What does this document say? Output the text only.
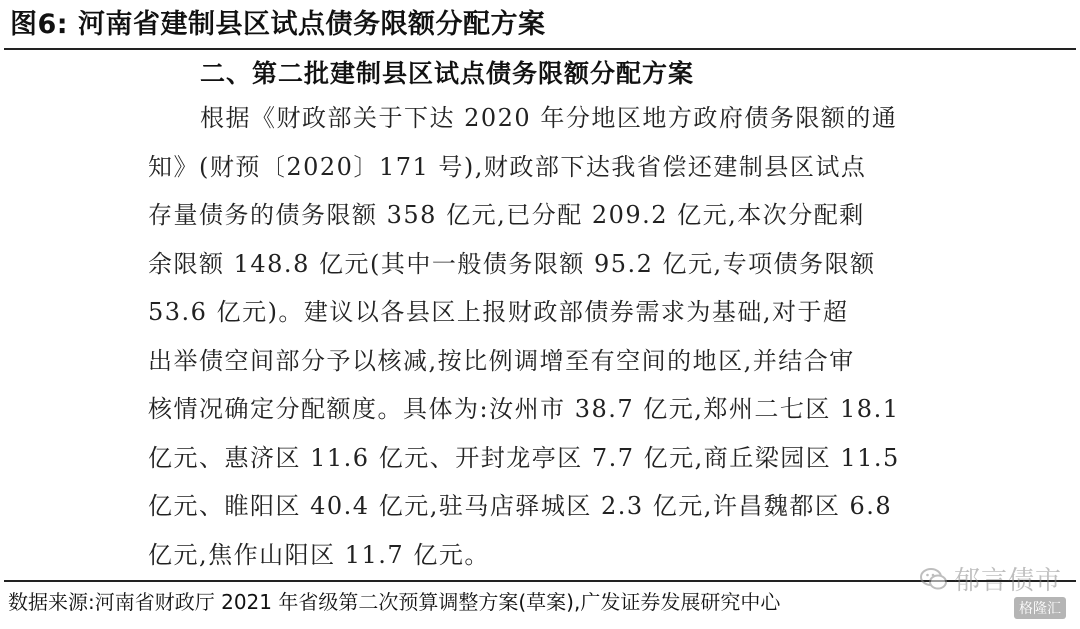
图6: 河南省建制县区试点债务限额分配方案
二、第二批建制县区试点债务限额分配方案
根据《财政部关于下达 2020 年分地区地方政府债务限额的通
知》(财预〔2020〕171 号),财政部下达我省偿还建制县区试点
存量债务的债务限额 358 亿元,已分配 209.2 亿元,本次分配剩
余限额 148.8 亿元(其中一般债务限额 95.2 亿元,专项债务限额
53.6 亿元)。建议以各县区上报财政部债券需求为基础,对于超
出举债空间部分予以核减,按比例调增至有空间的地区,并结合审
核情况确定分配额度。具体为:汝州市 38.7 亿元,郑州二七区 18.1
亿元、惠济区 11.6 亿元、开封龙亭区 7.7 亿元,商丘梁园区 11.5
亿元、睢阳区 40.4 亿元,驻马店驿城区 2.3 亿元,许昌魏都区 6.8
亿元,焦作山阳区 11.7 亿元。
郁言债市
数据来源:河南省财政厅 2021 年省级第二次预算调整方案(草案),广发证券发展研究中心	格隆汇
